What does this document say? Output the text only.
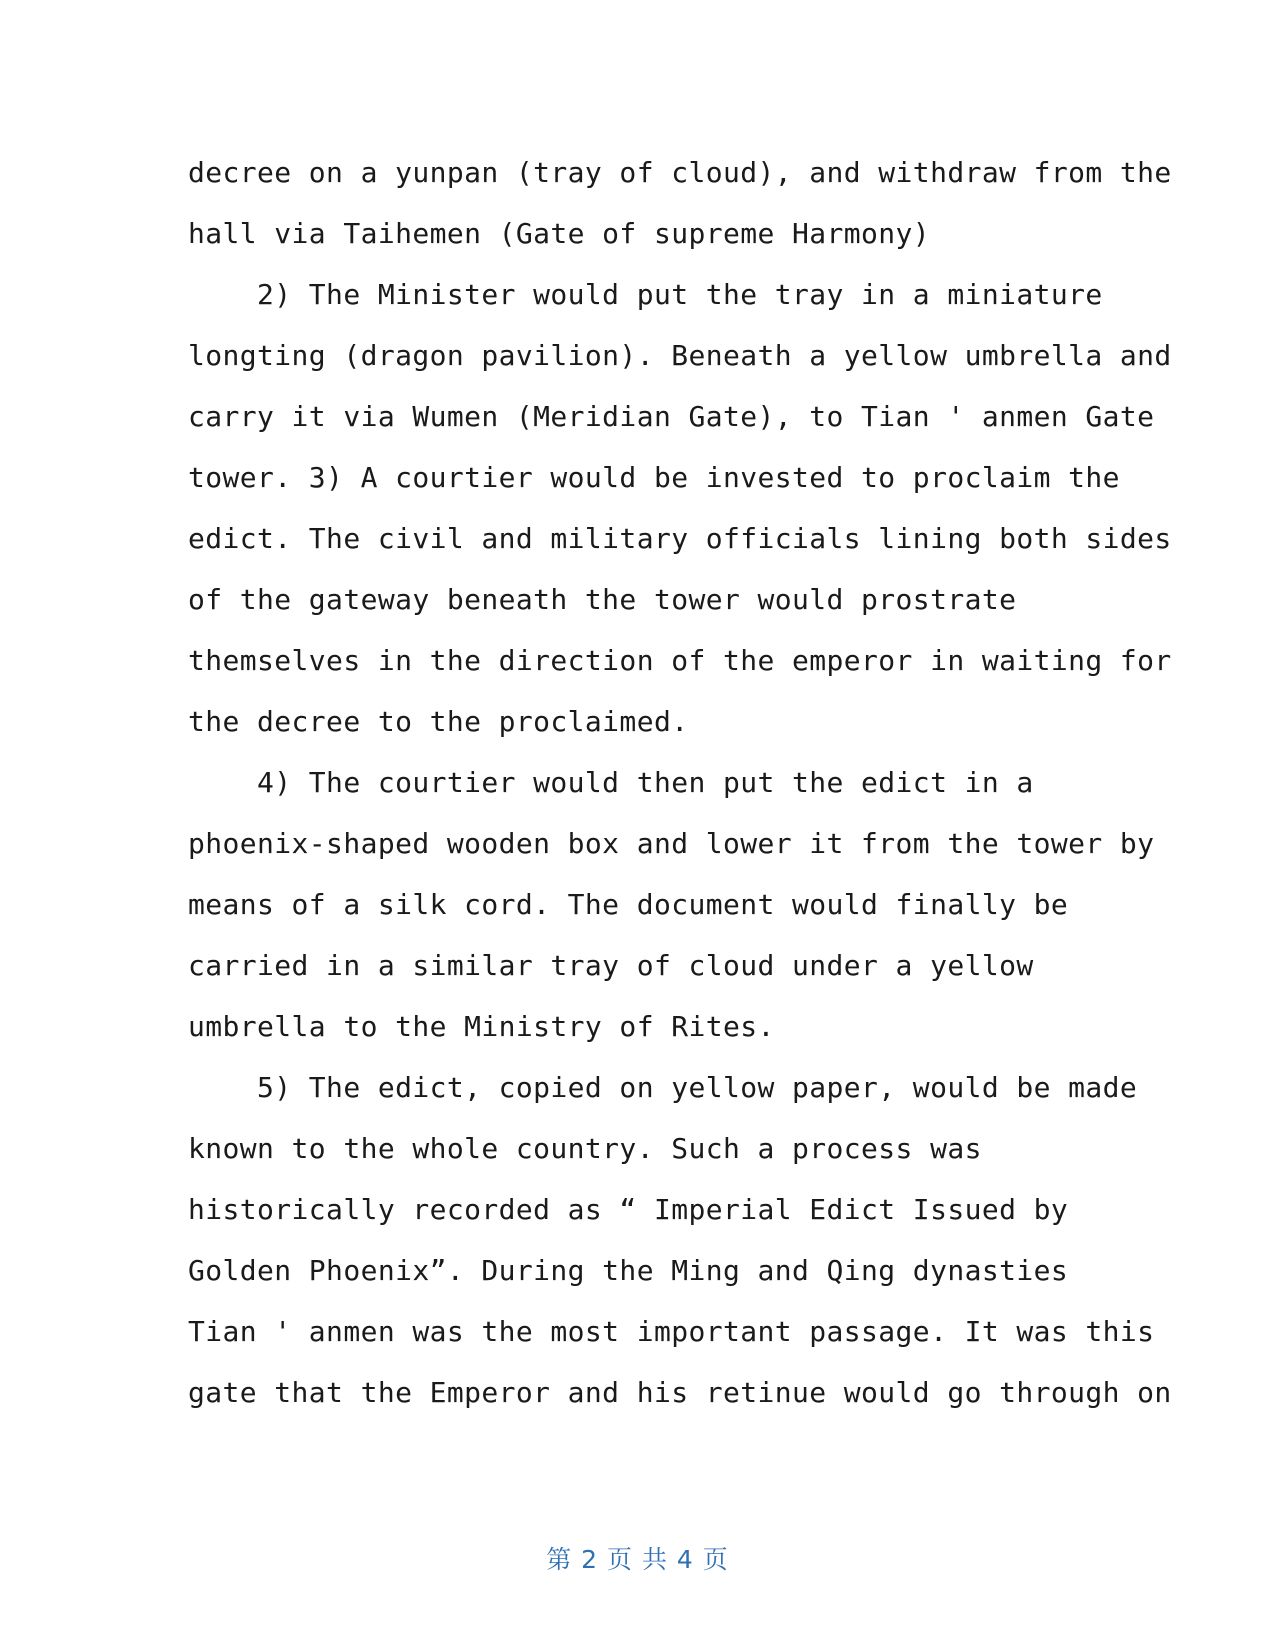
decree on a yunpan (tray of cloud), and withdraw from the
hall via Taihemen (Gate of supreme Harmony)
2) The Minister would put the tray in a miniature
longting (dragon pavilion). Beneath a yellow umbrella and
carry it via Wumen (Meridian Gate), to Tian ' anmen Gate
tower. 3) A courtier would be invested to proclaim the
edict. The civil and military officials lining both sides
of the gateway beneath the tower would prostrate
themselves in the direction of the emperor in waiting for
the decree to the proclaimed.
4) The courtier would then put the edict in a
phoenix-shaped wooden box and lower it from the tower by
means of a silk cord. The document would finally be
carried in a similar tray of cloud under a yellow
umbrella to the Ministry of Rites.
5) The edict, copied on yellow paper, would be made
known to the whole country. Such a process was
historically recorded as “ Imperial Edict Issued by
Golden Phoenix”. During the Ming and Qing dynasties
Tian ' anmen was the most important passage. It was this
gate that the Emperor and his retinue would go through on
第 2 页 共 4 页
